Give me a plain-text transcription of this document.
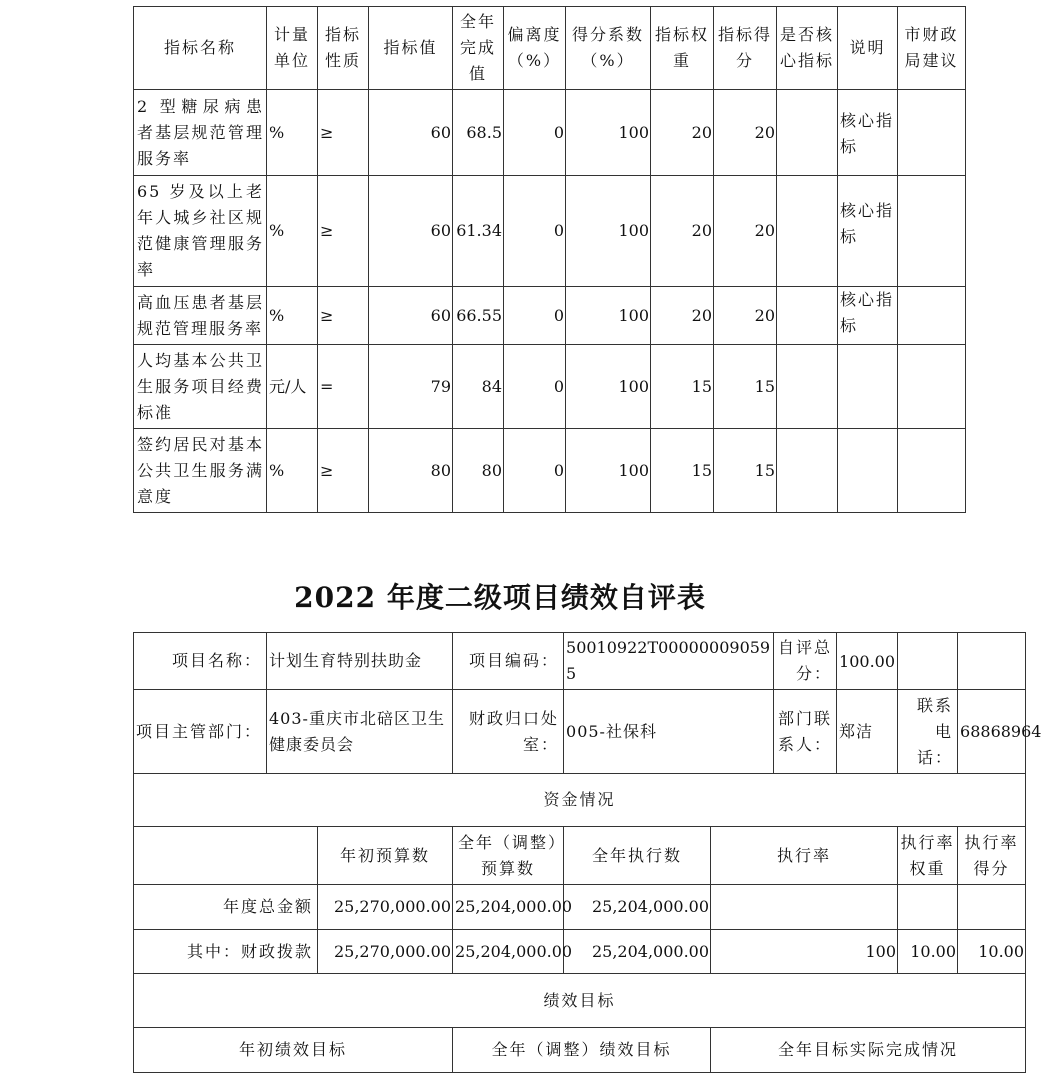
指标名称	计量单位	指标性质	指标值	全年完成值	偏离度（%）	得分系数（%）	指标权重	指标得分	是否核心指标	说明	市财政局建议
2 型糖尿病患者基层规范管理服务率	%	≥	60	68.5	0	100	20	20		核心指标	
65 岁及以上老年人城乡社区规范健康管理服务率	%	≥	60	61.34	0	100	20	20		核心指标	
高血压患者基层规范管理服务率	%	≥	60	66.55	0	100	20	20		核心指标	
人均基本公共卫生服务项目经费标准	元/人	=	79	84	0	100	15	15			
签约居民对基本公共卫生服务满意度	%	≥	80	80	0	100	15	15			
2022 年度二级项目绩效自评表
项目名称：	计划生育特别扶助金		项目编码：	50010922T000000090595		自评总分：	100.00		
项目主管部门：	403-重庆市北碚区卫生健康委员会		财政归口处室：	005-社保科		部门联系人：	郑洁	联系电话：	68868964
资金情况									
		年初预算数	全年（调整）预算数	全年执行数	执行率			执行率权重	执行率得分
年度总金额		25,270,000.00	25,204,000.00	25,204,000.00					
其中：财政拨款		25,270,000.00	25,204,000.00	25,204,000.00	100			10.00	10.00
绩效目标									
年初绩效目标			全年（调整）绩效目标		全年目标实际完成情况				
